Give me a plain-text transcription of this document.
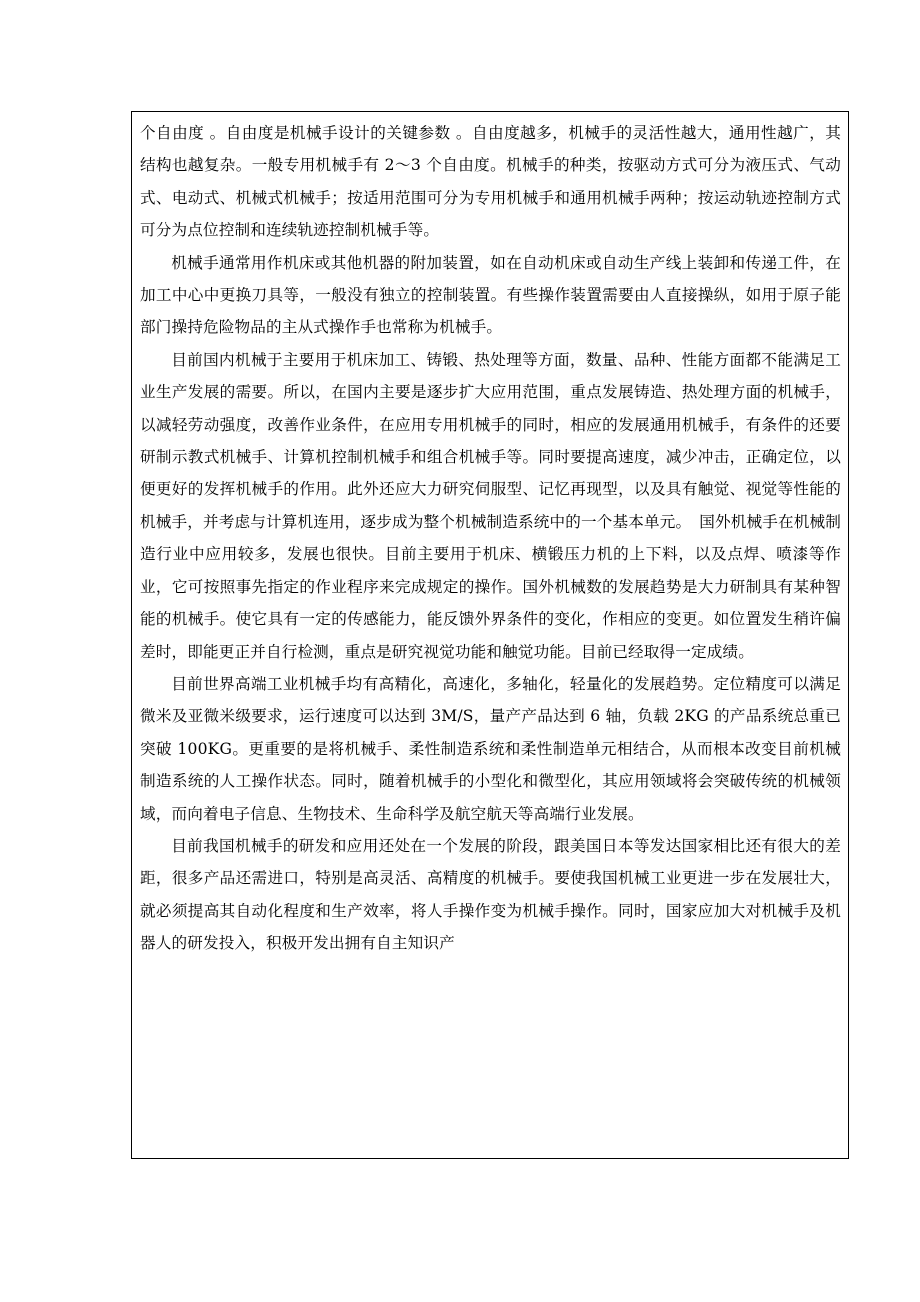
个自由度 。自由度是机械手设计的关键参数 。自由度越多，机械手的灵活性越大，通用性越广，其结构也越复杂。一般专用机械手有 2～3 个自由度。机械手的种类，按驱动方式可分为液压式、气动式、电动式、机械式机械手；按适用范围可分为专用机械手和通用机械手两种；按运动轨迹控制方式可分为点位控制和连续轨迹控制机械手等。

机械手通常用作机床或其他机器的附加装置，如在自动机床或自动生产线上装卸和传递工件，在加工中心中更换刀具等，一般没有独立的控制装置。有些操作装置需要由人直接操纵，如用于原子能部门操持危险物品的主从式操作手也常称为机械手。

目前国内机械于主要用于机床加工、铸锻、热处理等方面，数量、品种、性能方面都不能满足工业生产发展的需要。所以，在国内主要是逐步扩大应用范围，重点发展铸造、热处理方面的机械手，以减轻劳动强度，改善作业条件，在应用专用机械手的同时，相应的发展通用机械手，有条件的还要研制示教式机械手、计算机控制机械手和组合机械手等。同时要提高速度，减少冲击，正确定位，以便更好的发挥机械手的作用。此外还应大力研究伺服型、记忆再现型，以及具有触觉、视觉等性能的机械手，并考虑与计算机连用，逐步成为整个机械制造系统中的一个基本单元。　国外机械手在机械制造行业中应用较多，发展也很快。目前主要用于机床、横锻压力机的上下料，以及点焊、喷漆等作业，它可按照事先指定的作业程序来完成规定的操作。国外机械数的发展趋势是大力研制具有某种智能的机械手。使它具有一定的传感能力，能反馈外界条件的变化，作相应的变更。如位置发生稍许偏差时，即能更正并自行检测，重点是研究视觉功能和触觉功能。目前已经取得一定成绩。

目前世界高端工业机械手均有高精化，高速化，多轴化，轻量化的发展趋势。定位精度可以满足微米及亚微米级要求，运行速度可以达到 3M/S，量产产品达到 6 轴，负载 2KG 的产品系统总重已突破 100KG。更重要的是将机械手、柔性制造系统和柔性制造单元相结合，从而根本改变目前机械制造系统的人工操作状态。同时，随着机械手的小型化和微型化，其应用领域将会突破传统的机械领域，而向着电子信息、生物技术、生命科学及航空航天等高端行业发展。

目前我国机械手的研发和应用还处在一个发展的阶段，跟美国日本等发达国家相比还有很大的差距，很多产品还需进口，特别是高灵活、高精度的机械手。要使我国机械工业更进一步在发展壮大，就必须提高其自动化程度和生产效率，将人手操作变为机械手操作。同时，国家应加大对机械手及机器人的研发投入，积极开发出拥有自主知识产
